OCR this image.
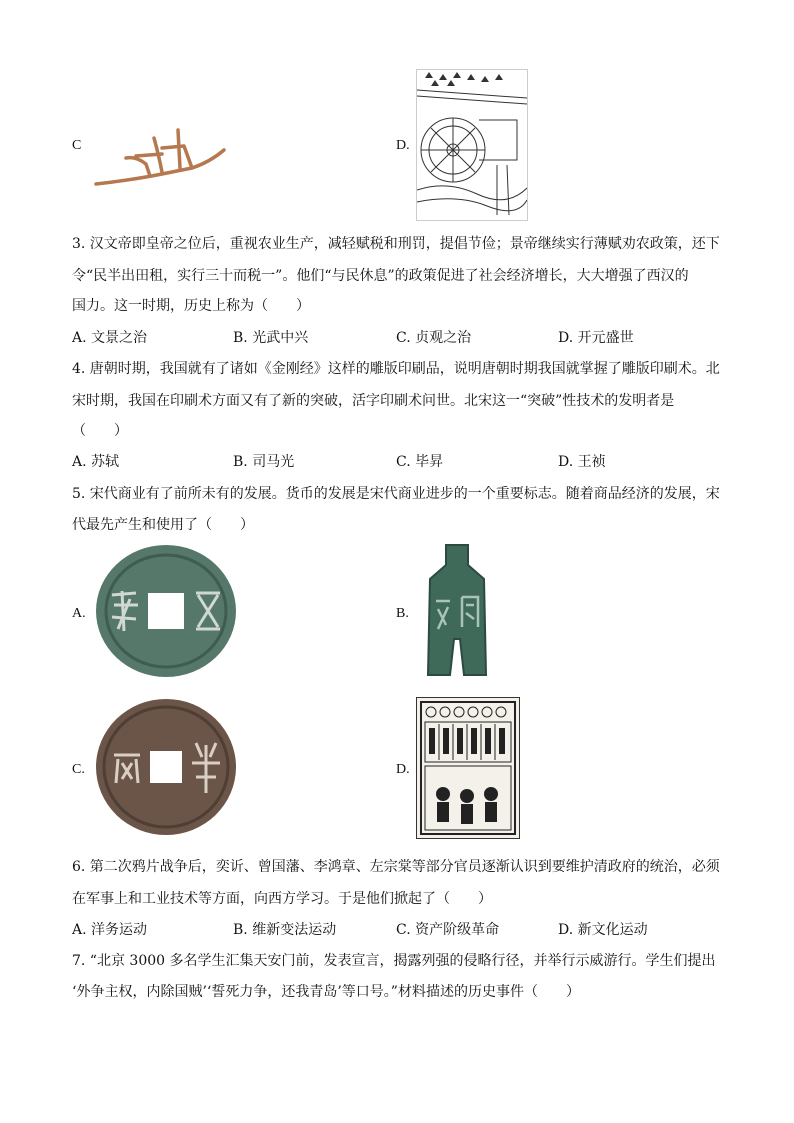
C	D.
3. 汉文帝即皇帝之位后，重视农业生产，减轻赋税和刑罚，提倡节俭；景帝继续实行薄赋劝农政策，还下
令“民半出田租，实行三十而税一”。他们“与民休息”的政策促进了社会经济增长，大大增强了西汉的
国力。这一时期，历史上称为（　　）
A. 文景之治	B. 光武中兴	C. 贞观之治	D. 开元盛世
4. 唐朝时期，我国就有了诸如《金刚经》这样的雕版印刷品，说明唐朝时期我国就掌握了雕版印刷术。北
宋时期，我国在印刷术方面又有了新的突破，活字印刷术问世。北宋这一“突破”性技术的发明者是
（　　）
A. 苏轼	B. 司马光	C. 毕昇	D. 王祯
5. 宋代商业有了前所未有的发展。货币的发展是宋代商业进步的一个重要标志。随着商品经济的发展，宋
代最先产生和使用了（　　）
A.	B.
C.	D.
6. 第二次鸦片战争后，奕䜣、曾国藩、李鸿章、左宗棠等部分官员逐渐认识到要维护清政府的统治，必须
在军事上和工业技术等方面，向西方学习。于是他们掀起了（　　）
A. 洋务运动	B. 维新变法运动	C. 资产阶级革命	D. 新文化运动
7. “北京 3000 多名学生汇集天安门前，发表宣言，揭露列强的侵略行径，并举行示威游行。学生们提出
‘外争主权，内除国贼’‘誓死力争，还我青岛’等口号。”材料描述的历史事件（　　）
